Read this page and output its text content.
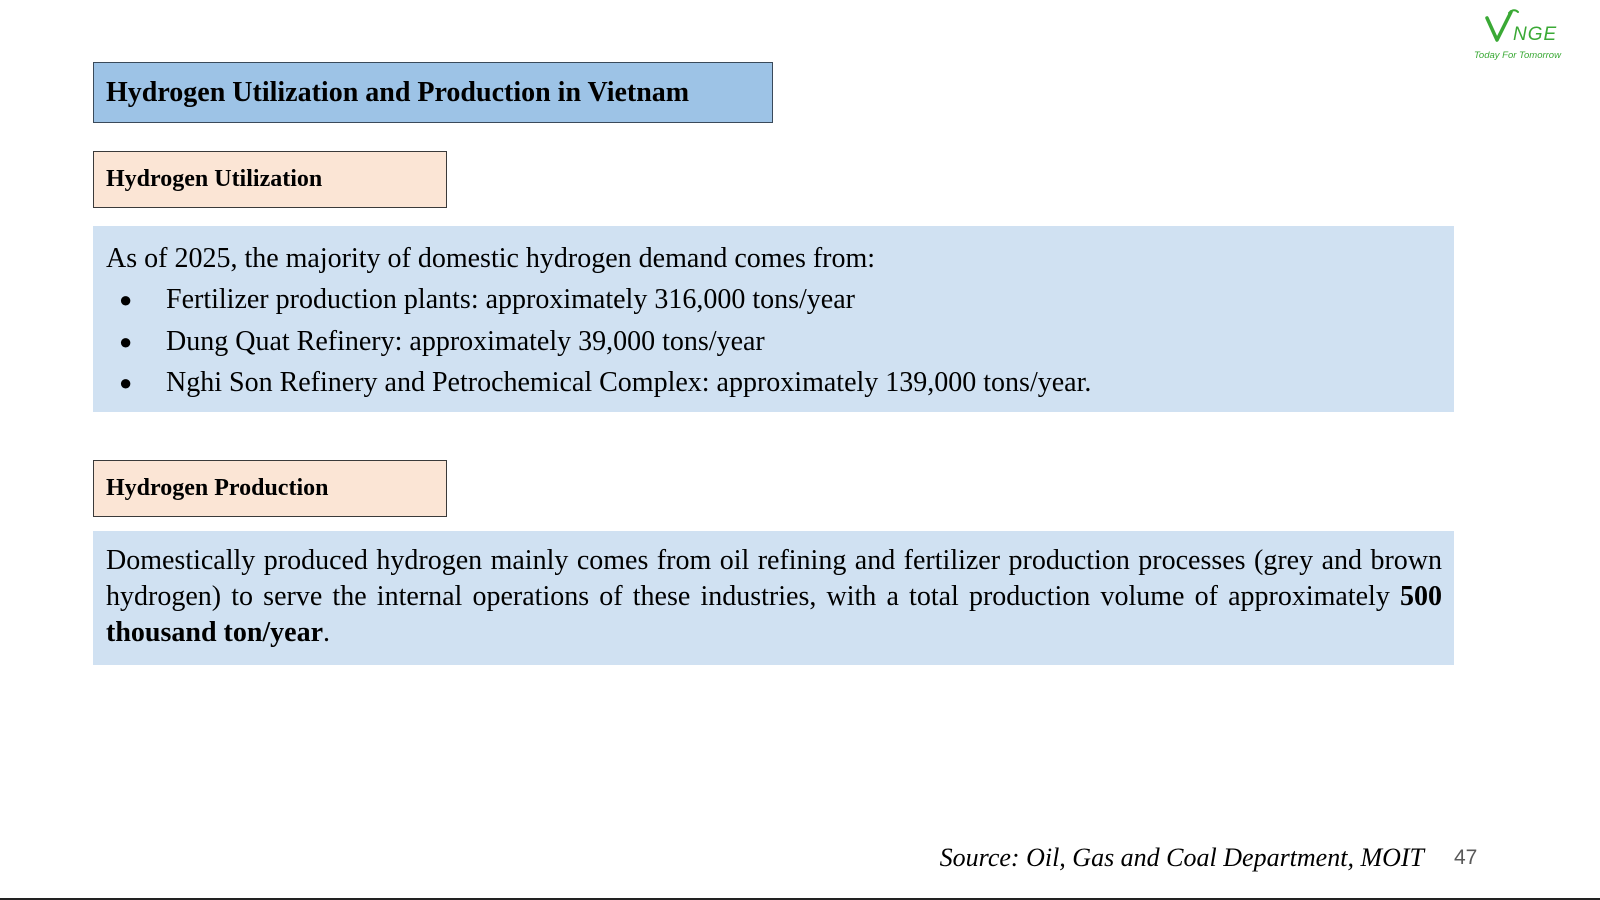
NGE
Today For Tomorrow
Hydrogen Utilization and Production in Vietnam
Hydrogen Utilization
As of 2025, the majority of domestic hydrogen demand comes from:
● Fertilizer production plants: approximately 316,000 tons/year
● Dung Quat Refinery: approximately 39,000 tons/year
● Nghi Son Refinery and Petrochemical Complex: approximately 139,000 tons/year.
Hydrogen Production
Domestically produced hydrogen mainly comes from oil refining and fertilizer production processes (grey and brown hydrogen) to serve the internal operations of these industries, with a total production volume of approximately 500 thousand ton/year.
Source: Oil, Gas and Coal Department, MOIT 47
